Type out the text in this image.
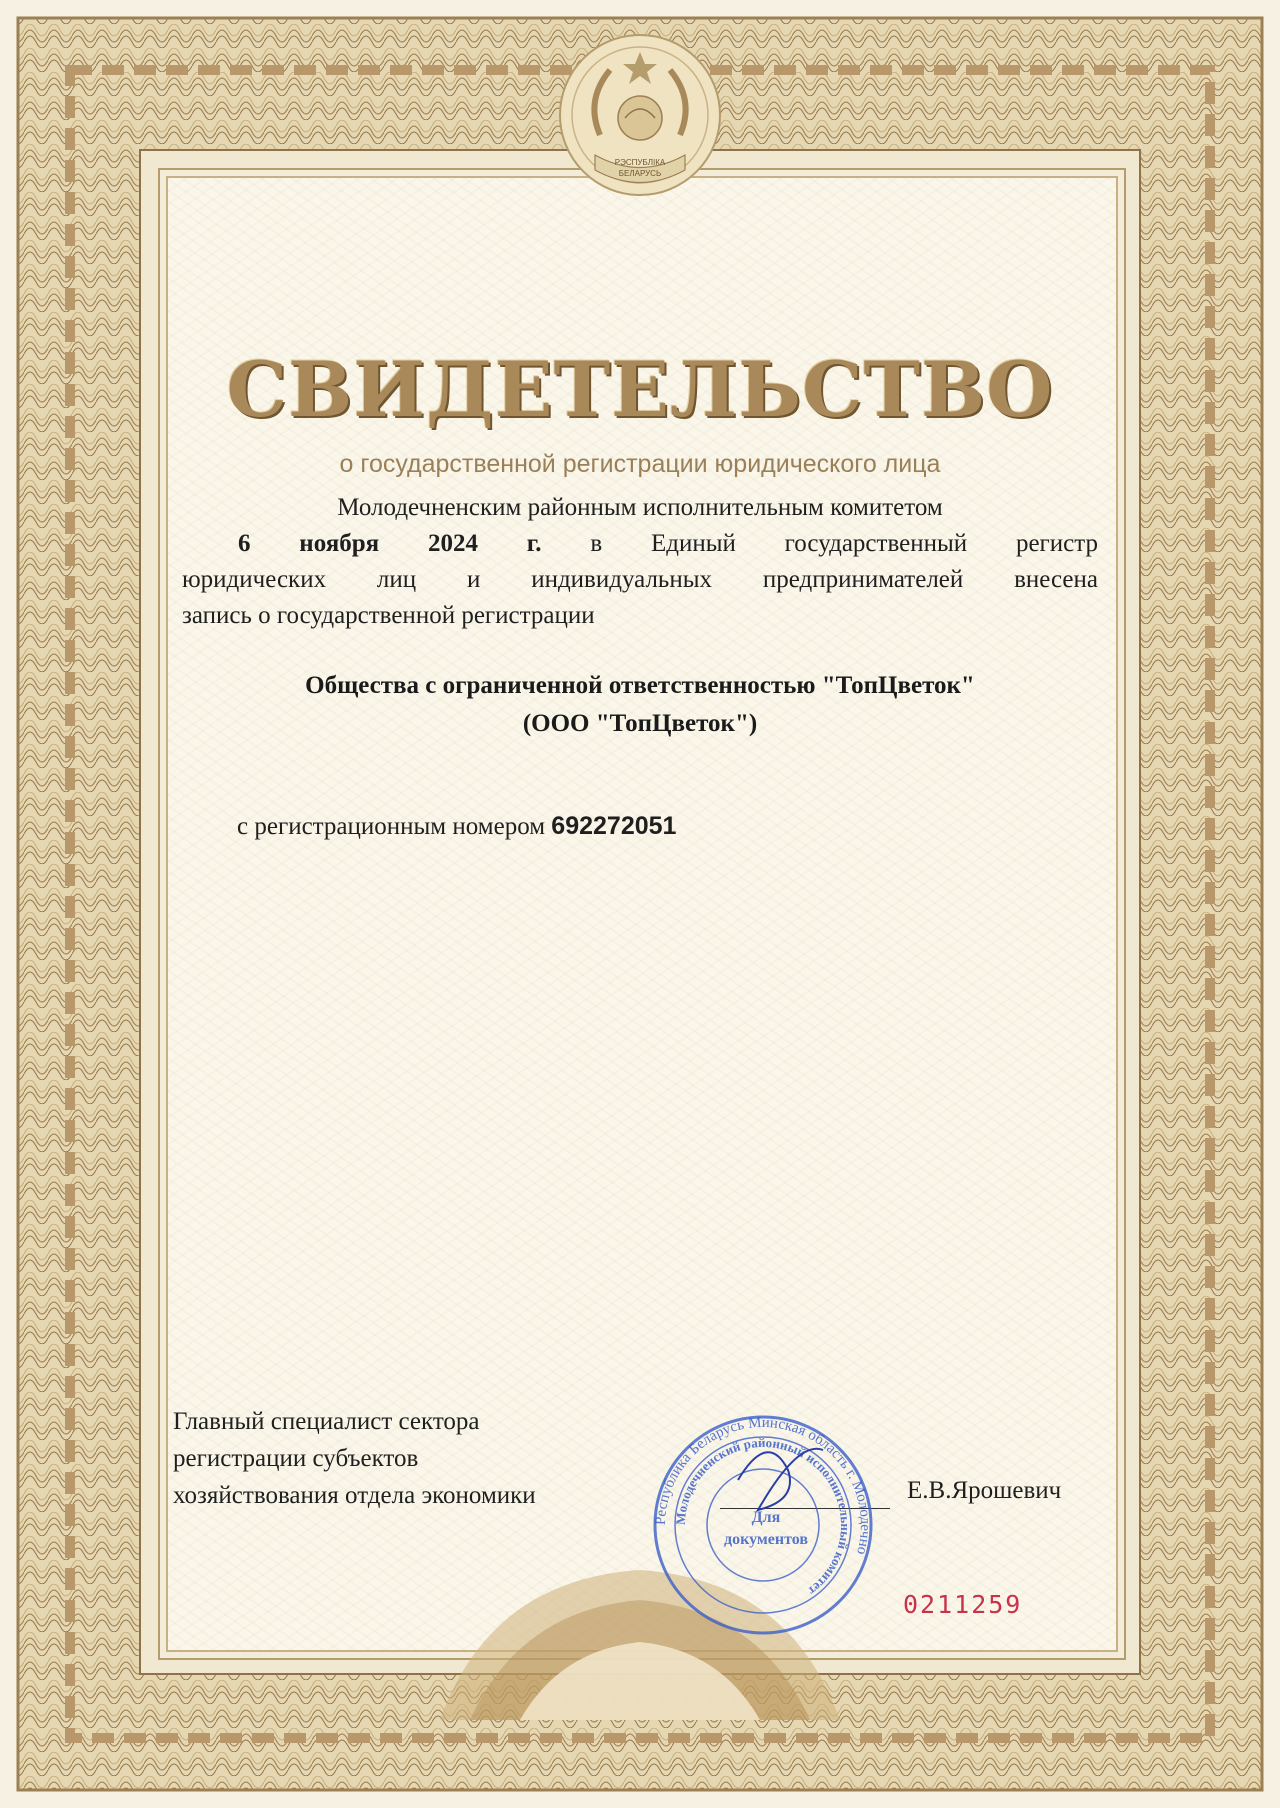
РЭСПУБЛІКА
БЕЛАРУСЬ
СВИДЕТЕЛЬСТВО
о государственной регистрации юридического лица
Молодечненским районным исполнительным комитетом
6 ноября 2024 г. в Единый государственный регистр
юридических лиц и индивидуальных предпринимателей внесена
запись о государственной регистрации
Общества с ограниченной ответственностью "ТопЦветок"
(ООО "ТопЦветок")
с регистрационным номером 692272051
Главный специалист сектора
регистрации субъектов
хозяйствования отдела экономики	Е.В.Ярошевич
Республика Беларусь Минская область г. Молодечно
Молодечненский районный исполнительный комитет
Для
документов
0211259
